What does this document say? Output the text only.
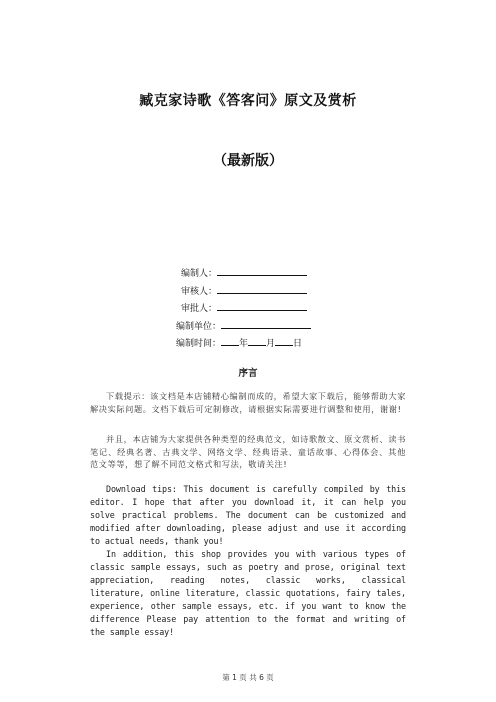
臧克家诗歌《答客问》原文及赏析
（最新版）
编制人：
审核人：
审批人：
编制单位：
编制时间： 年 月 日
序言
下载提示：该文档是本店铺精心编制而成的，希望大家下载后，能够帮助大家解决实际问题。文档下载后可定制修改，请根据实际需要进行调整和使用，谢谢!
并且，本店铺为大家提供各种类型的经典范文，如诗歌散文、原文赏析、读书笔记、经典名著、古典文学、网络文学、经典语录、童话故事、心得体会、其他范文等等，想了解不同范文格式和写法，敬请关注!
Download tips: This document is carefully compiled by this editor. I hope that after you download it, it can help you solve practical problems. The document can be customized and modified after downloading, please adjust and use it according to actual needs, thank you!
In addition, this shop provides you with various types of classic sample essays, such as poetry and prose, original text appreciation, reading notes, classic works, classical literature, online literature, classic quotations, fairy tales, experience, other sample essays, etc. if you want to know the difference Please pay attention to the format and writing of the sample essay!
第 1 页 共 6 页
